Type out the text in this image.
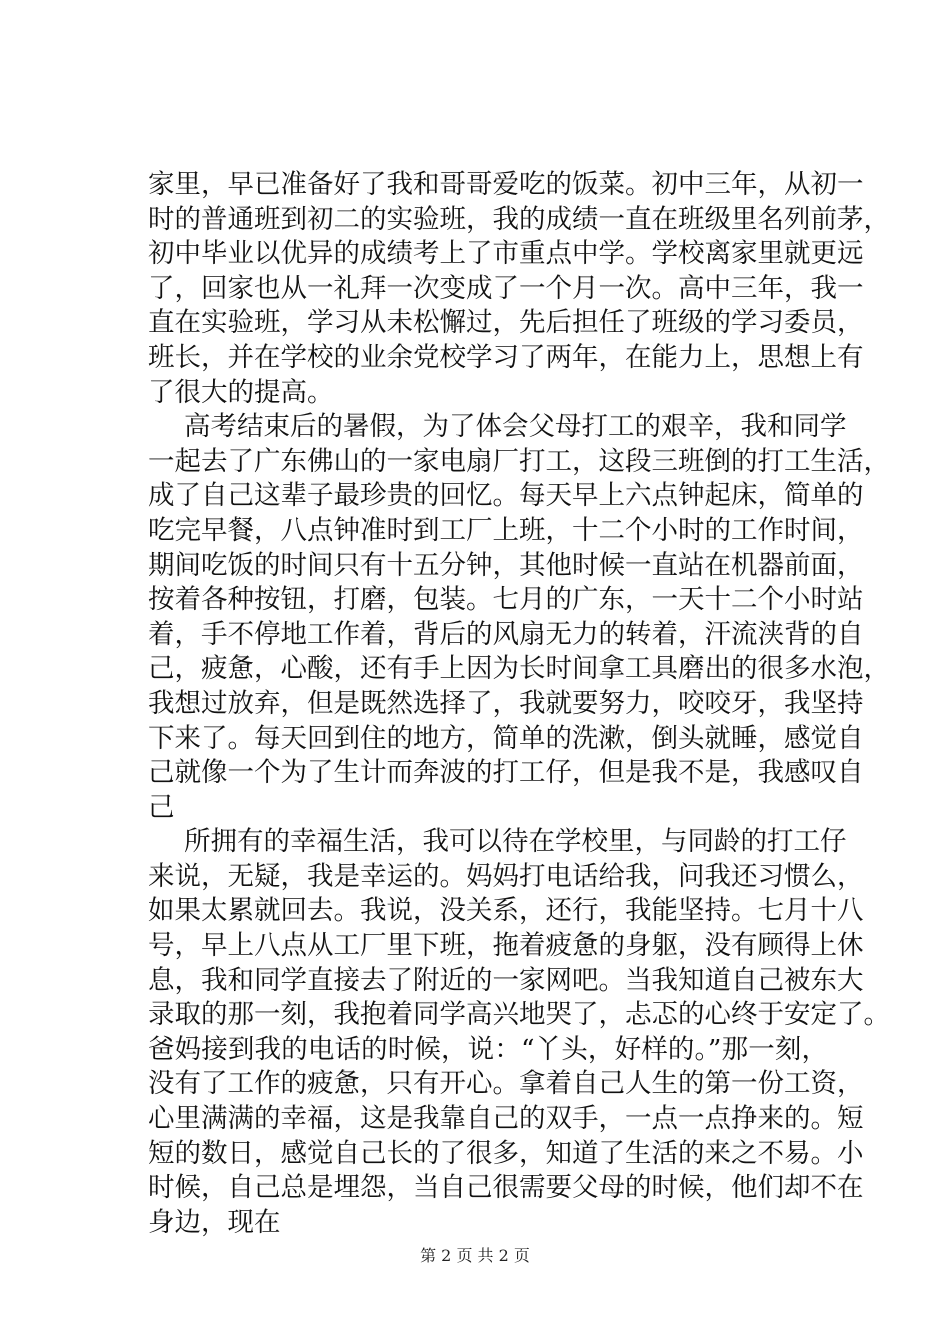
家里，早已准备好了我和哥哥爱吃的饭菜。初中三年，从初一
时的普通班到初二的实验班，我的成绩一直在班级里名列前茅，
初中毕业以优异的成绩考上了市重点中学。学校离家里就更远
了，回家也从一礼拜一次变成了一个月一次。高中三年，我一
直在实验班，学习从未松懈过，先后担任了班级的学习委员，
班长，并在学校的业余党校学习了两年，在能力上，思想上有
了很大的提高。
高考结束后的暑假，为了体会父母打工的艰辛，我和同学
一起去了广东佛山的一家电扇厂打工，这段三班倒的打工生活，
成了自己这辈子最珍贵的回忆。每天早上六点钟起床，简单的
吃完早餐，八点钟准时到工厂上班，十二个小时的工作时间，
期间吃饭的时间只有十五分钟，其他时候一直站在机器前面，
按着各种按钮，打磨，包装。七月的广东，一天十二个小时站
着，手不停地工作着，背后的风扇无力的转着，汗流浃背的自
己，疲惫，心酸，还有手上因为长时间拿工具磨出的很多水泡，
我想过放弃，但是既然选择了，我就要努力，咬咬牙，我坚持
下来了。每天回到住的地方，简单的洗漱，倒头就睡，感觉自
己就像一个为了生计而奔波的打工仔，但是我不是，我感叹自
己
所拥有的幸福生活，我可以待在学校里，与同龄的打工仔
来说，无疑，我是幸运的。妈妈打电话给我，问我还习惯么，
如果太累就回去。我说，没关系，还行，我能坚持。七月十八
号，早上八点从工厂里下班，拖着疲惫的身躯，没有顾得上休
息，我和同学直接去了附近的一家网吧。当我知道自己被东大
录取的那一刻，我抱着同学高兴地哭了，忐忑的心终于安定了。
爸妈接到我的电话的时候，说：“丫头，好样的。”那一刻，
没有了工作的疲惫，只有开心。拿着自己人生的第一份工资，
心里满满的幸福，这是我靠自己的双手，一点一点挣来的。短
短的数日，感觉自己长的了很多，知道了生活的来之不易。小
时候，自己总是埋怨，当自己很需要父母的时候，他们却不在
身边，现在
第 2 页 共 2 页
